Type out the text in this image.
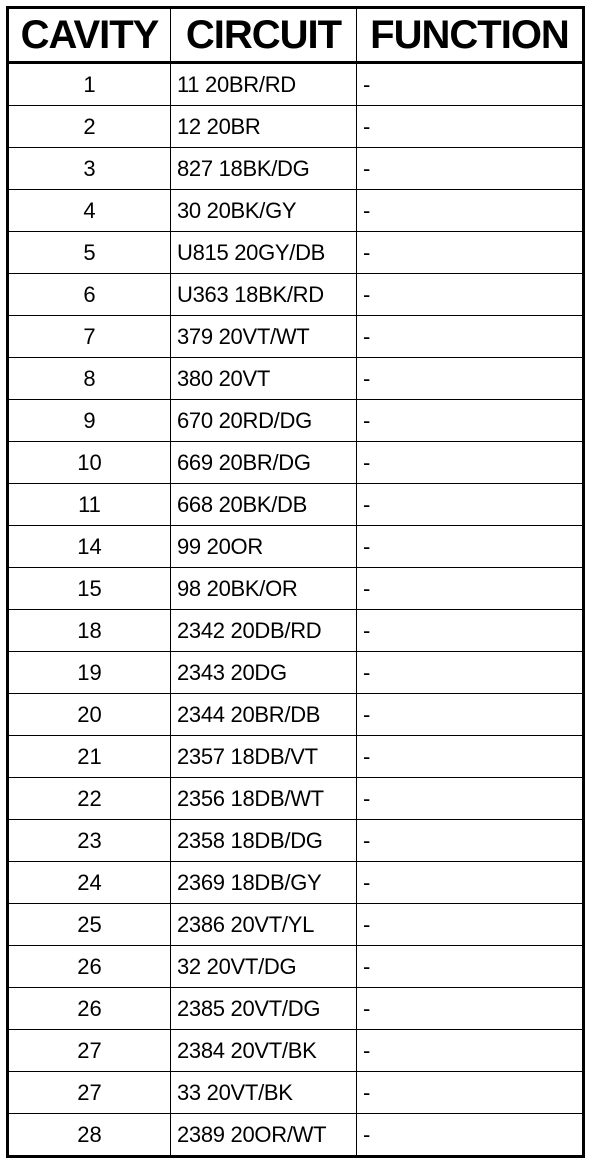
CAVITY	CIRCUIT	FUNCTION
1	11 20BR/RD	-
2	12 20BR	-
3	827 18BK/DG	-
4	30 20BK/GY	-
5	U815 20GY/DB	-
6	U363 18BK/RD	-
7	379 20VT/WT	-
8	380 20VT	-
9	670 20RD/DG	-
10	669 20BR/DG	-
11	668 20BK/DB	-
14	99 20OR	-
15	98 20BK/OR	-
18	2342 20DB/RD	-
19	2343 20DG	-
20	2344 20BR/DB	-
21	2357 18DB/VT	-
22	2356 18DB/WT	-
23	2358 18DB/DG	-
24	2369 18DB/GY	-
25	2386 20VT/YL	-
26	32 20VT/DG	-
26	2385 20VT/DG	-
27	2384 20VT/BK	-
27	33 20VT/BK	-
28	2389 20OR/WT	-
